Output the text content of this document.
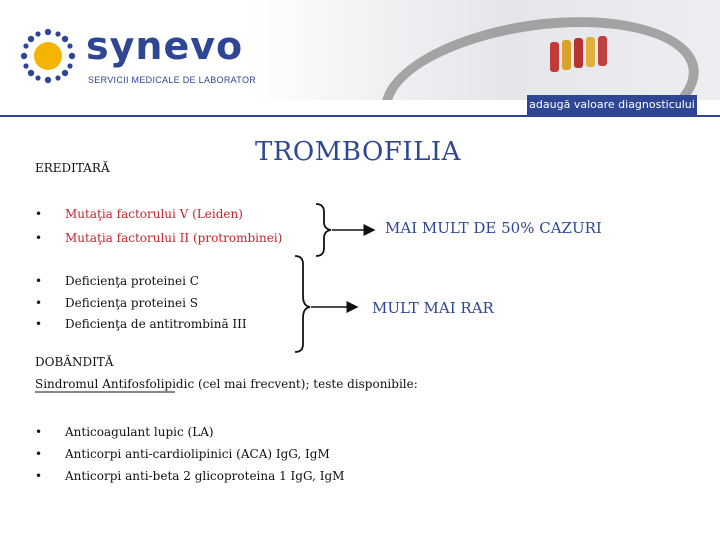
synevo
SERVICII MEDICALE DE LABORATOR
adaugă valoare diagnosticului
TROMBOFILIA
EREDITARĂ
• Mutaţia factorului V (Leiden)
• Mutaţia factorului II (protrombinei)
MAI MULT DE 50% CAZURI
• Deficienţa proteinei C
• Deficienţa proteinei S
• Deficienţa de antitrombină III
MULT MAI RAR
DOBÂNDITĂ
Sindromul Antifosfolipidic (cel mai frecvent); teste disponibile:
• Anticoagulant lupic (LA)
• Anticorpi anti-cardiolipinici (ACA) IgG, IgM
• Anticorpi anti-beta 2 glicoproteina 1 IgG, IgM
